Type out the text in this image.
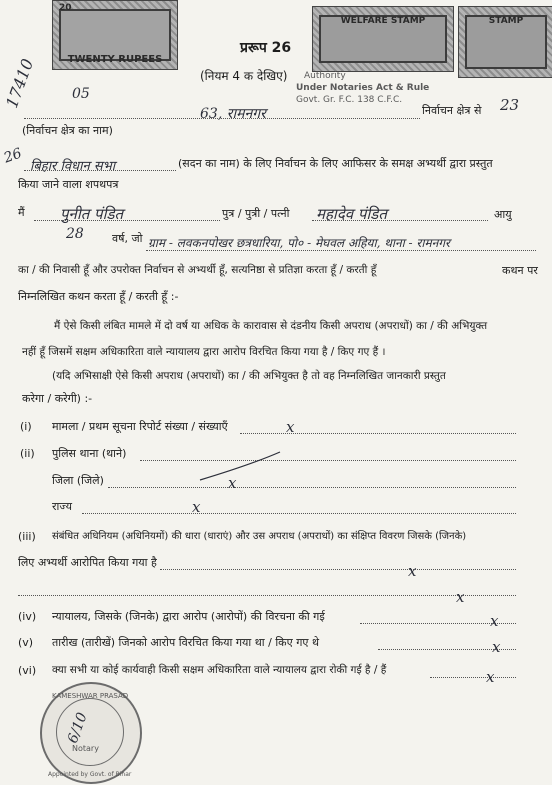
20
TWENTY RUPEES
WELFARE STAMP	STAMP
प्ररूप 26
(नियम 4 क देखिए) Authority
Under Notaries Act & Rule
Govt. Gr. F.C. 138 C.F.C.
17410 05
26
63, रामनगर	निर्वाचन क्षेत्र से 23
(निर्वाचन क्षेत्र का नाम)
बिहार विधान सभा	(सदन का नाम) के लिए निर्वाचन के लिए आफिसर के समक्ष अभ्यर्थी द्वारा प्रस्तुत
किया जाने वाला शपथपत्र
मैं पुनीत पंडित	पुत्र / पुत्री / पत्नी महादेव पंडित	आयु
28	वर्ष, जो ग्राम - लवकनपोखर छत्रधारिया, पो० - मेघवल अहिया, थाना - रामनगर
का / की निवासी हूँ और उपरोक्त निर्वाचन से अभ्यर्थी हूँ, सत्यनिष्ठा से प्रतिज्ञा करता हूँ / करती हूँ	कथन पर
निम्नलिखित कथन करता हूँ / करती हूँ :-
मैं ऐसे किसी लंबित मामले में दो वर्ष या अधिक के कारावास से दंडनीय किसी अपराध (अपराधों) का / की अभियुक्त
नहीं हूँ जिसमें सक्षम अधिकारिता वाले न्यायालय द्वारा आरोप विरचित किया गया है / किए गए हैं ।
(यदि अभिसाक्षी ऐसे किसी अपराध (अपराधों) का / की अभियुक्त है तो वह निम्नलिखित जानकारी प्रस्तुत
करेगा / करेगी) :-
(i) मामला / प्रथम सूचना रिपोर्ट संख्या / संख्याएँ	x
(ii) पुलिस थाना (थाने)
जिला (जिले)	x
राज्य	x
(iii) संबंधित अधिनियम (अधिनियमों) की धारा (धाराएं) और उस अपराध (अपराधों) का संक्षिप्त विवरण जिसके (जिनके)
लिए अभ्यर्थी आरोपित किया गया है	x
x
(iv) न्यायालय, जिसके (जिनके) द्वारा आरोप (आरोपों) की विरचना की गई	x
(v) तारीख (तारीखें) जिनको आरोप विरचित किया गया था / किए गए थे	x
(vi) क्या सभी या कोई कार्यवाही किसी सक्षम अधिकारिता वाले न्यायालय द्वारा रोकी गई है / हैं	x
KAMESHWAR PRASAD
Notary
Appointed by Govt. of Bihar
6/10
